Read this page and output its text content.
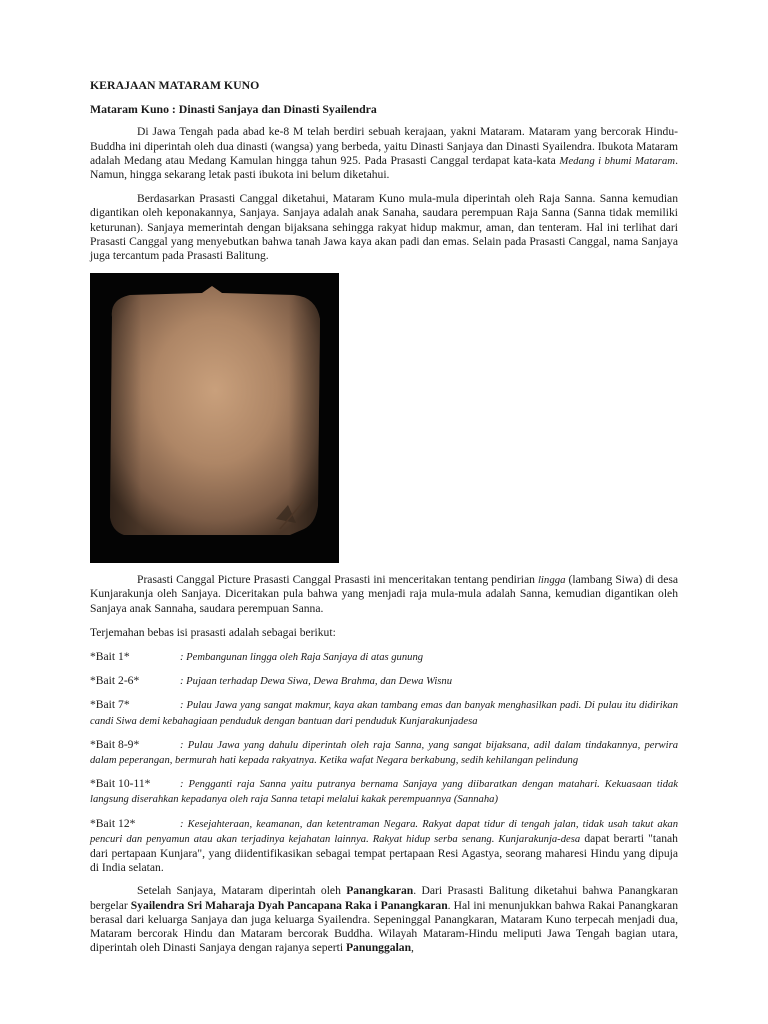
KERAJAAN MATARAM KUNO
Mataram Kuno : Dinasti Sanjaya dan Dinasti Syailendra

Di Jawa Tengah pada abad ke-8 M telah berdiri sebuah kerajaan, yakni Mataram. Mataram yang bercorak Hindu-Buddha ini diperintah oleh dua dinasti (wangsa) yang berbeda, yaitu Dinasti Sanjaya dan Dinasti Syailendra. Ibukota Mataram adalah Medang atau Medang Kamulan hingga tahun 925. Pada Prasasti Canggal terdapat kata-kata Medang i bhumi Mataram. Namun, hingga sekarang letak pasti ibukota ini belum diketahui.

Berdasarkan Prasasti Canggal diketahui, Mataram Kuno mula-mula diperintah oleh Raja Sanna. Sanna kemudian digantikan oleh keponakannya, Sanjaya. Sanjaya adalah anak Sanaha, saudara perempuan Raja Sanna (Sanna tidak memiliki keturunan). Sanjaya memerintah dengan bijaksana sehingga rakyat hidup makmur, aman, dan tenteram. Hal ini terlihat dari Prasasti Canggal yang menyebutkan bahwa tanah Jawa kaya akan padi dan emas. Selain pada Prasasti Canggal, nama Sanjaya juga tercantum pada Prasasti Balitung.

Prasasti Canggal Picture Prasasti Canggal Prasasti ini menceritakan tentang pendirian lingga (lambang Siwa) di desa Kunjarakunja oleh Sanjaya. Diceritakan pula bahwa yang menjadi raja mula-mula adalah Sanna, kemudian digantikan oleh Sanjaya anak Sannaha, saudara perempuan Sanna.

Terjemahan bebas isi prasasti adalah sebagai berikut:

*Bait 1*	: Pembangunan lingga oleh Raja Sanjaya di atas gunung
*Bait 2-6*	: Pujaan terhadap Dewa Siwa, Dewa Brahma, dan Dewa Wisnu
*Bait 7*	: Pulau Jawa yang sangat makmur, kaya akan tambang emas dan banyak menghasilkan padi. Di pulau itu didirikan candi Siwa demi kebahagiaan penduduk dengan bantuan dari penduduk Kunjarakunjadesa
*Bait 8-9*	: Pulau Jawa yang dahulu diperintah oleh raja Sanna, yang sangat bijaksana, adil dalam tindakannya, perwira dalam peperangan, bermurah hati kepada rakyatnya. Ketika wafat Negara berkabung, sedih kehilangan pelindung
*Bait 10-11*	: Pengganti raja Sanna yaitu putranya bernama Sanjaya yang diibaratkan dengan matahari. Kekuasaan tidak langsung diserahkan kepadanya oleh raja Sanna tetapi melalui kakak perempuannya (Sannaha)
*Bait 12*	: Kesejahteraan, keamanan, dan ketentraman Negara. Rakyat dapat tidur di tengah jalan, tidak usah takut akan pencuri dan penyamun atau akan terjadinya kejahatan lainnya. Rakyat hidup serba senang. Kunjarakunja-desa dapat berarti "tanah dari pertapaan Kunjara", yang diidentifikasikan sebagai tempat pertapaan Resi Agastya, seorang maharesi Hindu yang dipuja di India selatan.

Setelah Sanjaya, Mataram diperintah oleh Panangkaran. Dari Prasasti Balitung diketahui bahwa Panangkaran bergelar Syailendra Sri Maharaja Dyah Pancapana Raka i Panangkaran. Hal ini menunjukkan bahwa Rakai Panangkaran berasal dari keluarga Sanjaya dan juga keluarga Syailendra. Sepeninggal Panangkaran, Mataram Kuno terpecah menjadi dua, Mataram bercorak Hindu dan Mataram bercorak Buddha. Wilayah Mataram-Hindu meliputi Jawa Tengah bagian utara, diperintah oleh Dinasti Sanjaya dengan rajanya seperti Panunggalan,
